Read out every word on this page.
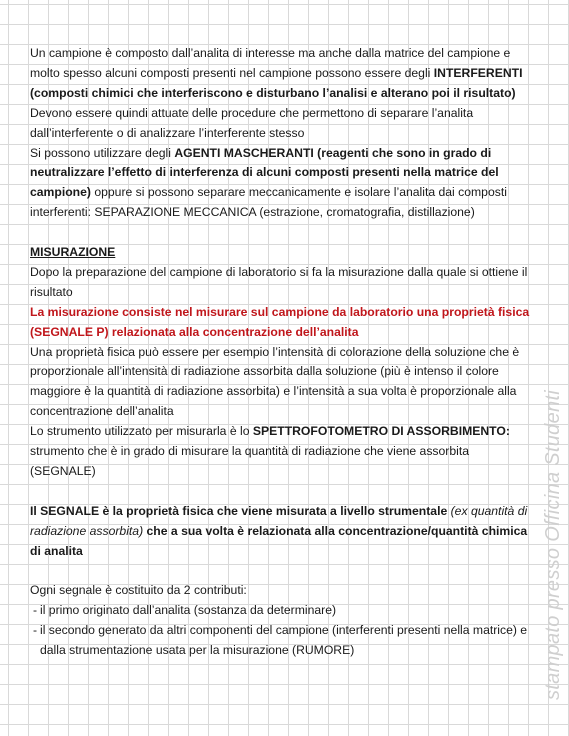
Un campione è composto dall’analita di interesse ma anche dalla matrice del campione e molto spesso alcuni composti presenti nel campione possono essere degli INTERFERENTI (composti chimici che interferiscono e disturbano l’analisi e alterano poi il risultato)

Devono essere quindi attuate delle procedure che permettono di separare l’analita dall’interferente o di analizzare l’interferente stesso

Si possono utilizzare degli AGENTI MASCHERANTI (reagenti che sono in grado di neutralizzare l’effetto di interferenza di alcuni composti presenti nella matrice del campione) oppure si possono separare meccanicamente e isolare l’analita dai composti interferenti: SEPARAZIONE MECCANICA (estrazione, cromatografia, distillazione)

MISURAZIONE

Dopo la preparazione del campione di laboratorio si fa la misurazione dalla quale si ottiene il risultato

La misurazione consiste nel misurare sul campione da laboratorio una proprietà fisica (SEGNALE P) relazionata alla concentrazione dell’analita

Una proprietà fisica può essere per esempio l’intensità di colorazione della soluzione che è proporzionale all’intensità di radiazione assorbita dalla soluzione (più è intenso il colore maggiore è la quantità di radiazione assorbita) e l’intensità a sua volta è proporzionale alla concentrazione dell’analita

Lo strumento utilizzato per misurarla è lo SPETTROFOTOMETRO DI ASSORBIMENTO: strumento che è in grado di misurare la quantità di radiazione che viene assorbita (SEGNALE)

Il SEGNALE è la proprietà fisica che viene misurata a livello strumentale (ex quantità di radiazione assorbita) che a sua volta è relazionata alla concentrazione/quantità chimica di analita

Ogni segnale è costituito da 2 contributi:

- il primo originato dall’analita (sostanza da determinare)

- il secondo generato da altri componenti del campione (interferenti presenti nella matrice) e dalla strumentazione usata per la misurazione (RUMORE)	stampato presso Officina Studenti
